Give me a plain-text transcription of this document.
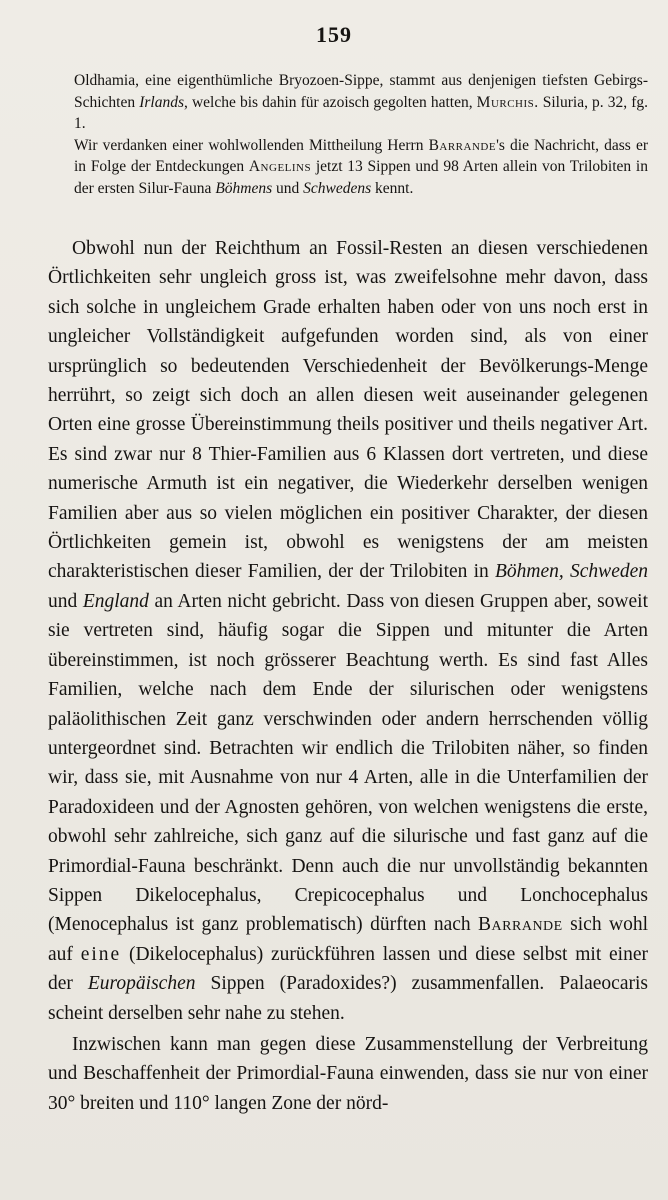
159

Oldhamia, eine eigenthümliche Bryozoen-Sippe, stammt aus denjenigen tiefsten Gebirgs-Schichten Irlands, welche bis dahin für azoisch gegolten hatten, Murchis. Siluria, p. 32, fg. 1.

Wir verdanken einer wohlwollenden Mittheilung Herrn Barrande's die Nachricht, dass er in Folge der Entdeckungen Angelins jetzt 13 Sippen und 98 Arten allein von Trilobiten in der ersten Silur-Fauna Böhmens und Schwedens kennt.

Obwohl nun der Reichthum an Fossil-Resten an diesen verschiedenen Örtlichkeiten sehr ungleich gross ist, was zweifelsohne mehr davon, dass sich solche in ungleichem Grade erhalten haben oder von uns noch erst in ungleicher Vollständigkeit aufgefunden worden sind, als von einer ursprünglich so bedeutenden Verschiedenheit der Bevölkerungs-Menge herrührt, so zeigt sich doch an allen diesen weit auseinander gelegenen Orten eine grosse Übereinstimmung theils positiver und theils negativer Art. Es sind zwar nur 8 Thier-Familien aus 6 Klassen dort vertreten, und diese numerische Armuth ist ein negativer, die Wiederkehr derselben wenigen Familien aber aus so vielen möglichen ein positiver Charakter, der diesen Örtlichkeiten gemein ist, obwohl es wenigstens der am meisten charakteristischen dieser Familien, der der Trilobiten in Böhmen, Schweden und England an Arten nicht gebricht. Dass von diesen Gruppen aber, soweit sie vertreten sind, häufig sogar die Sippen und mitunter die Arten übereinstimmen, ist noch grösserer Beachtung werth. Es sind fast Alles Familien, welche nach dem Ende der silurischen oder wenigstens paläolithischen Zeit ganz verschwinden oder andern herrschenden völlig untergeordnet sind. Betrachten wir endlich die Trilobiten näher, so finden wir, dass sie, mit Ausnahme von nur 4 Arten, alle in die Unterfamilien der Paradoxideen und der Agnosten gehören, von welchen wenigstens die erste, obwohl sehr zahlreiche, sich ganz auf die silurische und fast ganz auf die Primordial-Fauna beschränkt. Denn auch die nur unvollständig bekannten Sippen Dikelocephalus, Crepicocephalus und Lonchocephalus (Menocephalus ist ganz problematisch) dürften nach Barrande sich wohl auf eine (Dikelocephalus) zurückführen lassen und diese selbst mit einer der Europäischen Sippen (Paradoxides?) zusammenfallen. Palaeocaris scheint derselben sehr nahe zu stehen.

Inzwischen kann man gegen diese Zusammenstellung der Verbreitung und Beschaffenheit der Primordial-Fauna einwenden, dass sie nur von einer 30° breiten und 110° langen Zone der nörd-
